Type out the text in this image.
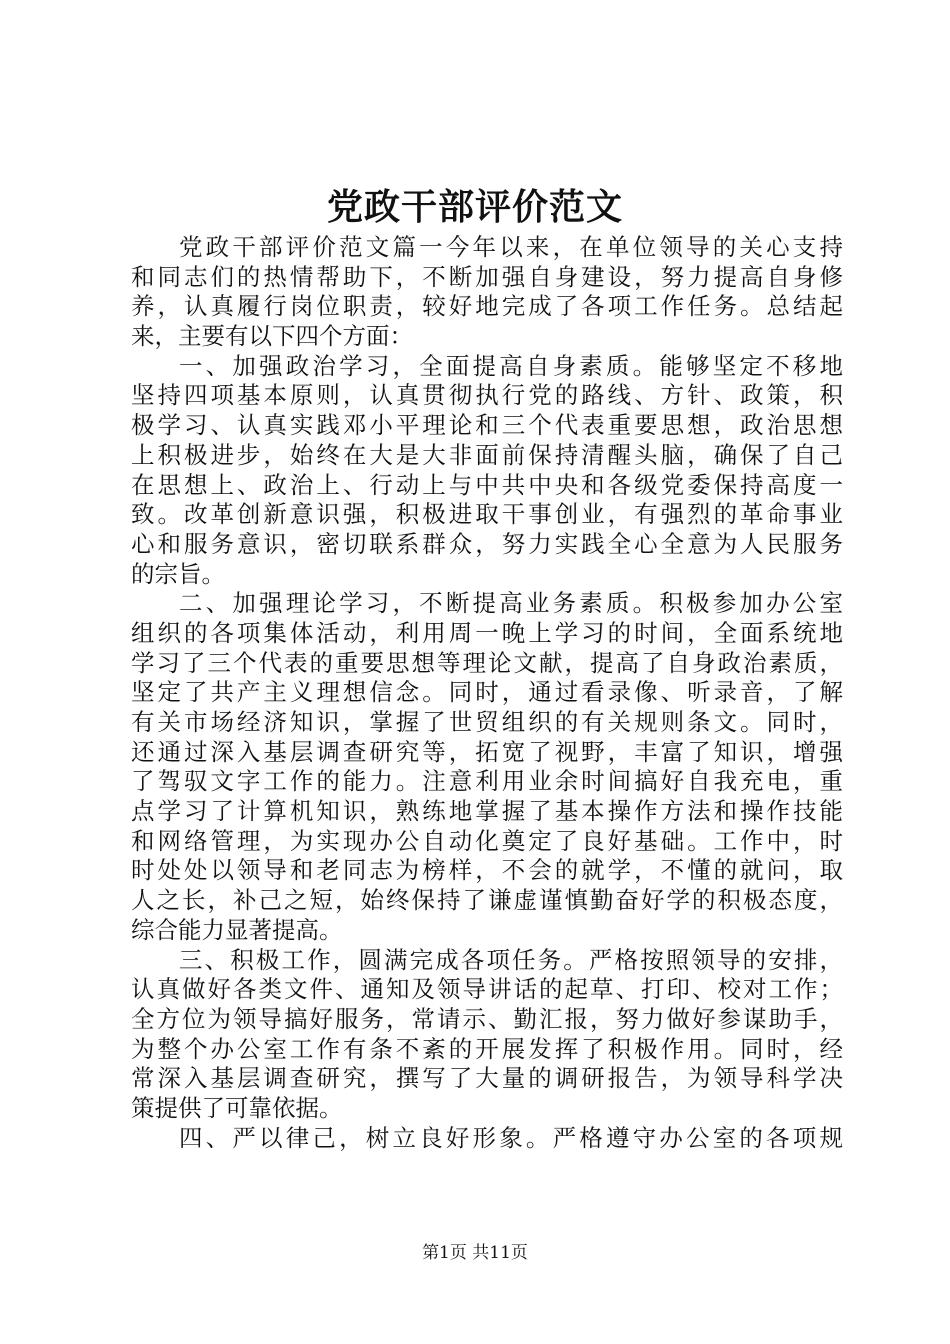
党政干部评价范文
党政干部评价范文篇一今年以来，在单位领导的关心支持
和同志们的热情帮助下，不断加强自身建设，努力提高自身修
养，认真履行岗位职责，较好地完成了各项工作任务。总结起
来，主要有以下四个方面：
一、加强政治学习，全面提高自身素质。能够坚定不移地
坚持四项基本原则，认真贯彻执行党的路线、方针、政策，积
极学习、认真实践邓小平理论和三个代表重要思想，政治思想
上积极进步，始终在大是大非面前保持清醒头脑，确保了自己
在思想上、政治上、行动上与中共中央和各级党委保持高度一
致。改革创新意识强，积极进取干事创业，有强烈的革命事业
心和服务意识，密切联系群众，努力实践全心全意为人民服务
的宗旨。
二、加强理论学习，不断提高业务素质。积极参加办公室
组织的各项集体活动，利用周一晚上学习的时间，全面系统地
学习了三个代表的重要思想等理论文献，提高了自身政治素质，
坚定了共产主义理想信念。同时，通过看录像、听录音，了解
有关市场经济知识，掌握了世贸组织的有关规则条文。同时，
还通过深入基层调查研究等，拓宽了视野，丰富了知识，增强
了驾驭文字工作的能力。注意利用业余时间搞好自我充电，重
点学习了计算机知识，熟练地掌握了基本操作方法和操作技能
和网络管理，为实现办公自动化奠定了良好基础。工作中，时
时处处以领导和老同志为榜样，不会的就学，不懂的就问，取
人之长，补己之短，始终保持了谦虚谨慎勤奋好学的积极态度，
综合能力显著提高。
三、积极工作，圆满完成各项任务。严格按照领导的安排，
认真做好各类文件、通知及领导讲话的起草、打印、校对工作；
全方位为领导搞好服务，常请示、勤汇报，努力做好参谋助手，
为整个办公室工作有条不紊的开展发挥了积极作用。同时，经
常深入基层调查研究，撰写了大量的调研报告，为领导科学决
策提供了可靠依据。
四、严以律己，树立良好形象。严格遵守办公室的各项规
第1页 共11页
